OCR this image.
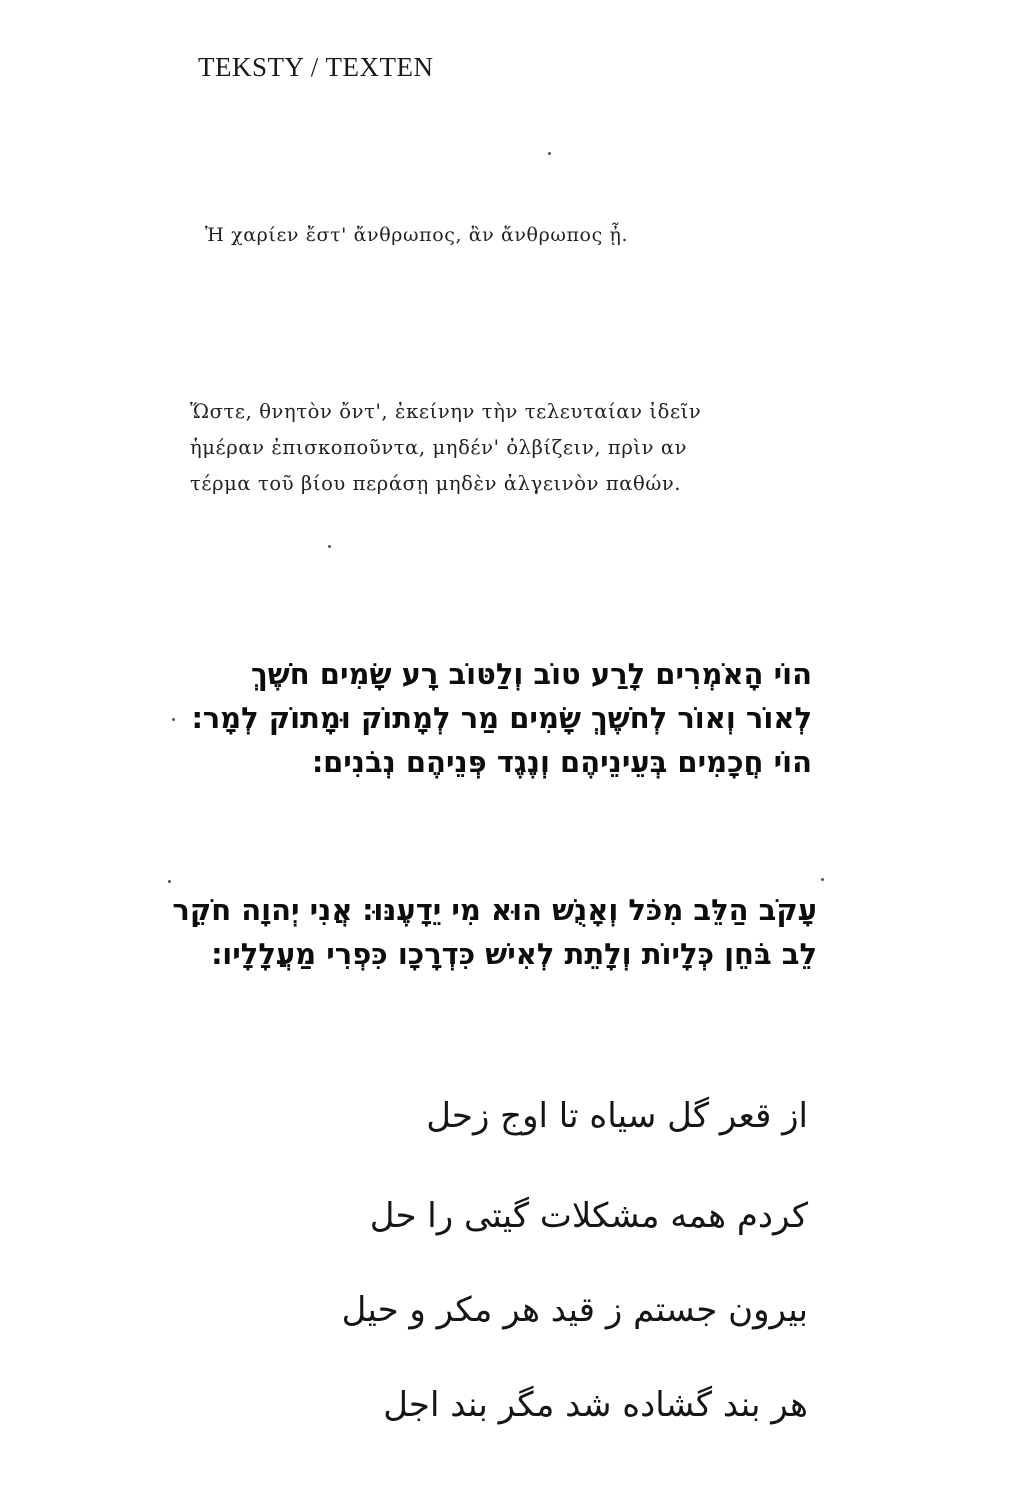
TEKSTY / TEXTEN
Ἡ χαρίεν ἔστ' ἄνθρωπος, ἂν ἄνθρωπος ᾖ.
Ὥστε, θνητὸν ὄντ', ἐκείνην τὴν τελευταίαν ἰδεῖν
ἡμέραν ἐπισκοποῦντα, μηδέν' ὀλβίζειν, πρὶν αν
τέρμα τοῦ βίου περάσῃ μηδὲν ἀλγεινὸν παθών.
הוֹי הָאֹמְרִים לָרַע טוֹב וְלַטּוֹב רָע שָׂמִים חֹשֶׁךְ
לְאוֹר וְאוֹר לְחֹשֶׁךְ שָׂמִים מַר לְמָתוֹק וּמָתוֹק לְמָר׃
הוֹי חֲכָמִים בְּעֵינֵיהֶם וְנֶגֶד פְּנֵיהֶם נְבֹנִים׃
עָקֹב הַלֵּב מִכֹּל וְאָנֻשׁ הוּא מִי יֵדָעֶנּוּ׃ אֲנִי יְהוָה חֹקֵר
לֵב בֹּחֵן כְּלָיוֹת וְלָתֵת לְאִישׁ כִּדְרָכָו כִּפְרִי מַעֲלָלָיו׃
از قعر گل سیاه تا اوج زحل
کردم همه مشکلات گیتی را حل
بیرون جستم ز قید هر مکر و حیل
هر بند گشاده شد مگر بند اجل
